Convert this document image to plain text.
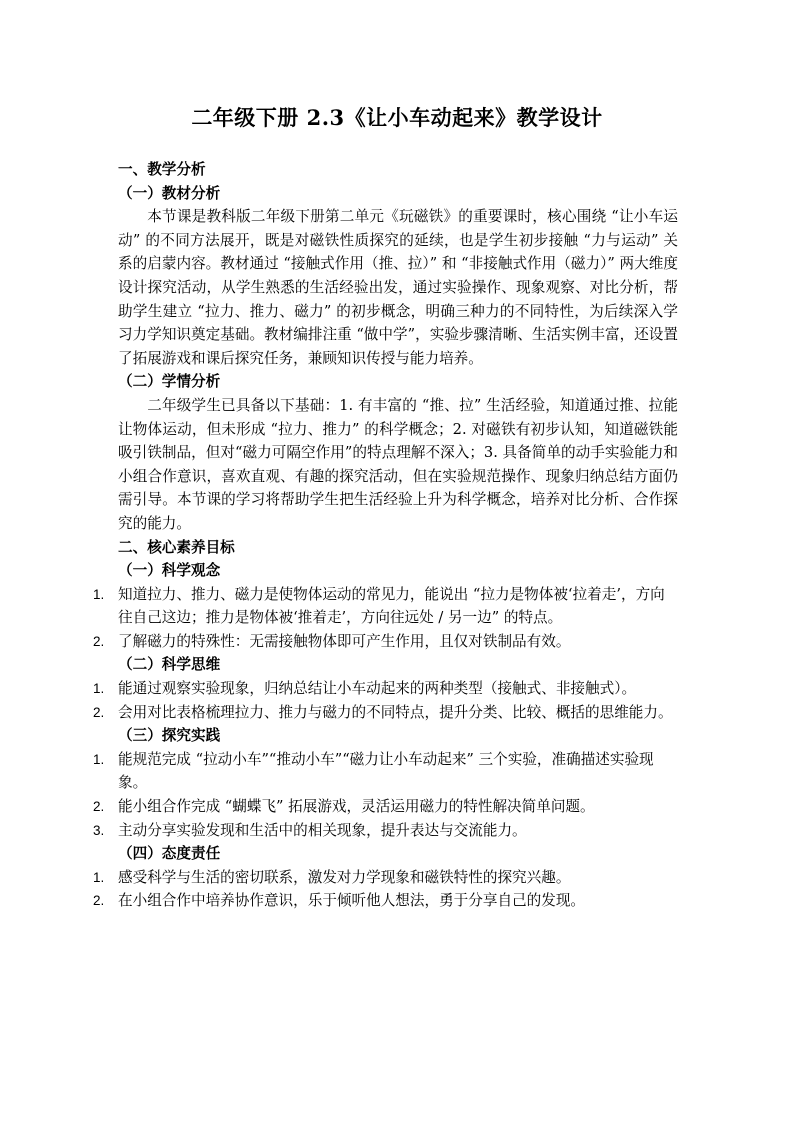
二年级下册 2.3《让小车动起来》教学设计
一、教学分析
（一）教材分析

本节课是教科版二年级下册第二单元《玩磁铁》的重要课时，核心围绕 “让小车运动” 的不同方法展开，既是对磁铁性质探究的延续，也是学生初步接触 “力与运动” 关系的启蒙内容。教材通过 “接触式作用（推、拉）” 和 “非接触式作用（磁力）” 两大维度设计探究活动，从学生熟悉的生活经验出发，通过实验操作、现象观察、对比分析，帮助学生建立 “拉力、推力、磁力” 的初步概念，明确三种力的不同特性，为后续深入学习力学知识奠定基础。教材编排注重 “做中学”，实验步骤清晰、生活实例丰富，还设置了拓展游戏和课后探究任务，兼顾知识传授与能力培养。

（二）学情分析

二年级学生已具备以下基础：1. 有丰富的 “推、拉” 生活经验，知道通过推、拉能让物体运动，但未形成 “拉力、推力” 的科学概念；2. 对磁铁有初步认知，知道磁铁能吸引铁制品，但对“磁力可隔空作用”的特点理解不深入；3. 具备简单的动手实验能力和小组合作意识，喜欢直观、有趣的探究活动，但在实验规范操作、现象归纳总结方面仍需引导。本节课的学习将帮助学生把生活经验上升为科学概念，培养对比分析、合作探究的能力。

二、核心素养目标
（一）科学观念
1. 知道拉力、推力、磁力是使物体运动的常见力，能说出 “拉力是物体被‘拉着走’，方向往自己这边；推力是物体被‘推着走’，方向往远处 / 另一边” 的特点。
2. 了解磁力的特殊性：无需接触物体即可产生作用，且仅对铁制品有效。
（二）科学思维
1. 能通过观察实验现象，归纳总结让小车动起来的两种类型（接触式、非接触式）。
2. 会用对比表格梳理拉力、推力与磁力的不同特点，提升分类、比较、概括的思维能力。
（三）探究实践
1. 能规范完成 “拉动小车”“推动小车”“磁力让小车动起来” 三个实验，准确描述实验现象。
2. 能小组合作完成 “蝴蝶飞” 拓展游戏，灵活运用磁力的特性解决简单问题。
3. 主动分享实验发现和生活中的相关现象，提升表达与交流能力。
（四）态度责任
1. 感受科学与生活的密切联系，激发对力学现象和磁铁特性的探究兴趣。
2. 在小组合作中培养协作意识，乐于倾听他人想法，勇于分享自己的发现。
